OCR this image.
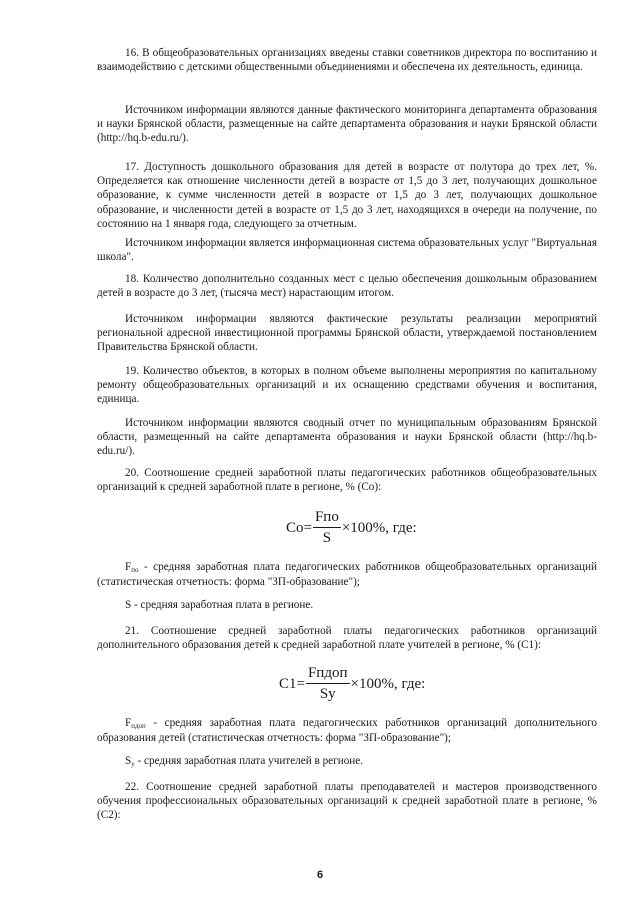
16. В общеобразовательных организациях введены ставки советников директора по воспитанию и взаимодействию с детскими общественными объединениями и обеспечена их деятельность, единица.

Источником информации являются данные фактического мониторинга департамента образования и науки Брянской области, размещенные на сайте департамента образования и науки Брянской области (http://hq.b-edu.ru/).

17. Доступность дошкольного образования для детей в возрасте от полутора до трех лет, %. Определяется как отношение численности детей в возрасте от 1,5 до 3 лет, получающих дошкольное образование, к сумме численности детей в возрасте от 1,5 до 3 лет, получающих дошкольное образование, и численности детей в возрасте от 1,5 до 3 лет, находящихся в очереди на получение, по состоянию на 1 января года, следующего за отчетным.

Источником информации является информационная система образовательных услуг "Виртуальная школа".

18. Количество дополнительно созданных мест с целью обеспечения дошкольным образованием детей в возрасте до 3 лет, (тысяча мест) нарастающим итогом.

Источником информации являются фактические результаты реализации мероприятий региональной адресной инвестиционной программы Брянской области, утверждаемой постановлением Правительства Брянской области.

19. Количество объектов, в которых в полном объеме выполнены мероприятия по капитальному ремонту общеобразовательных организаций и их оснащению средствами обучения и воспитания, единица.

Источником информации являются сводный отчет по муниципальным образованиям Брянской области, размещенный на сайте департамента образования и науки Брянской области (http://hq.b-edu.ru/).

20. Соотношение средней заработной платы педагогических работников общеобразовательных организаций к средней заработной плате в регионе, % (Со):

$Со= \frac{\text{Fпо}}{S} \times 100\%$, где:

Fпо - средняя заработная плата педагогических работников общеобразовательных организаций (статистическая отчетность: форма "ЗП-образование");

S - средняя заработная плата в регионе.

21. Соотношение средней заработной платы педагогических работников организаций дополнительного образования детей к средней заработной плате учителей в регионе, % (С1):

$С1= \frac{\text{Fпдоп}}{Sу} \times 100\%$, где:

Fпдоп - средняя заработная плата педагогических работников организаций дополнительного образования детей (статистическая отчетность: форма "ЗП-образование");

Sу - средняя заработная плата учителей в регионе.

22. Соотношение средней заработной платы преподавателей и мастеров производственного обучения профессиональных образовательных организаций к средней заработной плате в регионе, % (С2):

6
